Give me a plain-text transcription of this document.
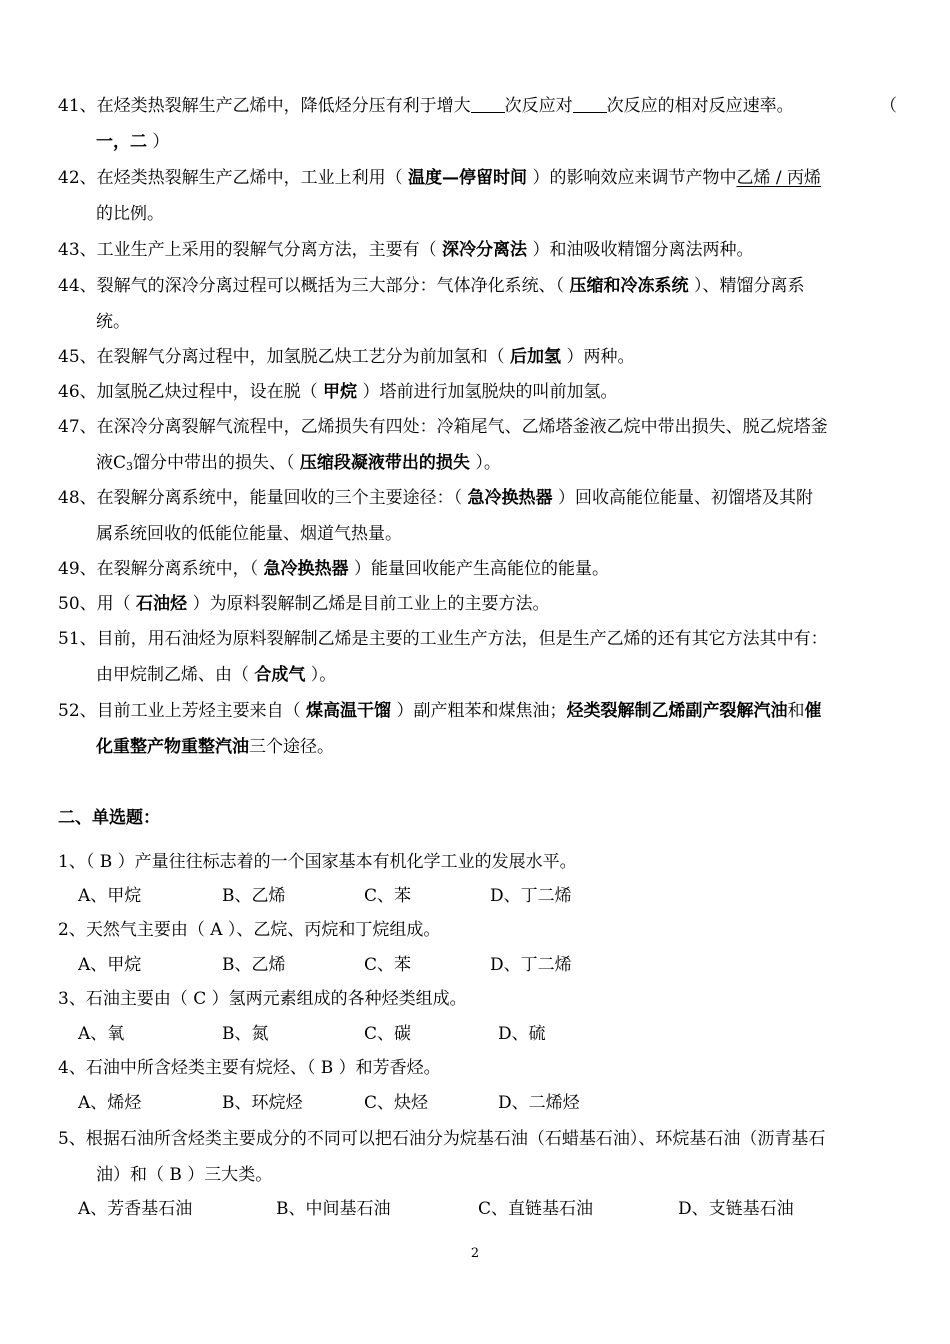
41、在烃类热裂解生产乙烯中，降低烃分压有利于增大 次反应对 次反应的相对反应速率。	（
一，二 ）
42、在烃类热裂解生产乙烯中，工业上利用（ 温度—停留时间 ）的影响效应来调节产物中乙烯 / 丙烯
的比例。
43、工业生产上采用的裂解气分离方法，主要有（ 深冷分离法 ）和油吸收精馏分离法两种。
44、裂解气的深冷分离过程可以概括为三大部分：气体净化系统、（ 压缩和冷冻系统 ）、精馏分离系
统。
45、在裂解气分离过程中，加氢脱乙炔工艺分为前加氢和（ 后加氢 ）两种。
46、加氢脱乙炔过程中，设在脱（ 甲烷 ）塔前进行加氢脱炔的叫前加氢。
47、在深冷分离裂解气流程中，乙烯损失有四处：冷箱尾气、乙烯塔釜液乙烷中带出损失、脱乙烷塔釜
液C3馏分中带出的损失、（ 压缩段凝液带出的损失 ）。
48、在裂解分离系统中，能量回收的三个主要途径：（ 急冷换热器 ）回收高能位能量、初馏塔及其附
属系统回收的低能位能量、烟道气热量。
49、在裂解分离系统中，（ 急冷换热器 ）能量回收能产生高能位的能量。
50、用（ 石油烃 ）为原料裂解制乙烯是目前工业上的主要方法。
51、目前，用石油烃为原料裂解制乙烯是主要的工业生产方法，但是生产乙烯的还有其它方法其中有：
由甲烷制乙烯、由（ 合成气 ）。
52、目前工业上芳烃主要来自（ 煤高温干馏 ）副产粗苯和煤焦油；烃类裂解制乙烯副产裂解汽油和催
化重整产物重整汽油三个途径。
二、单选题：
1、（ B ）产量往往标志着的一个国家基本有机化学工业的发展水平。
A、甲烷	B、乙烯	C、苯	D、丁二烯
2、天然气主要由（ A ）、乙烷、丙烷和丁烷组成。
A、甲烷	B、乙烯	C、苯	D、丁二烯
3、石油主要由（ C ）氢两元素组成的各种烃类组成。
A、氧	B、氮	C、碳	D、硫
4、石油中所含烃类主要有烷烃、（ B ）和芳香烃。
A、烯烃	B、环烷烃	C、炔烃	D、二烯烃
5、根据石油所含烃类主要成分的不同可以把石油分为烷基石油（石蜡基石油）、环烷基石油（沥青基石
油）和（ B ）三大类。
A、芳香基石油	B、中间基石油	C、直链基石油	D、支链基石油
2
